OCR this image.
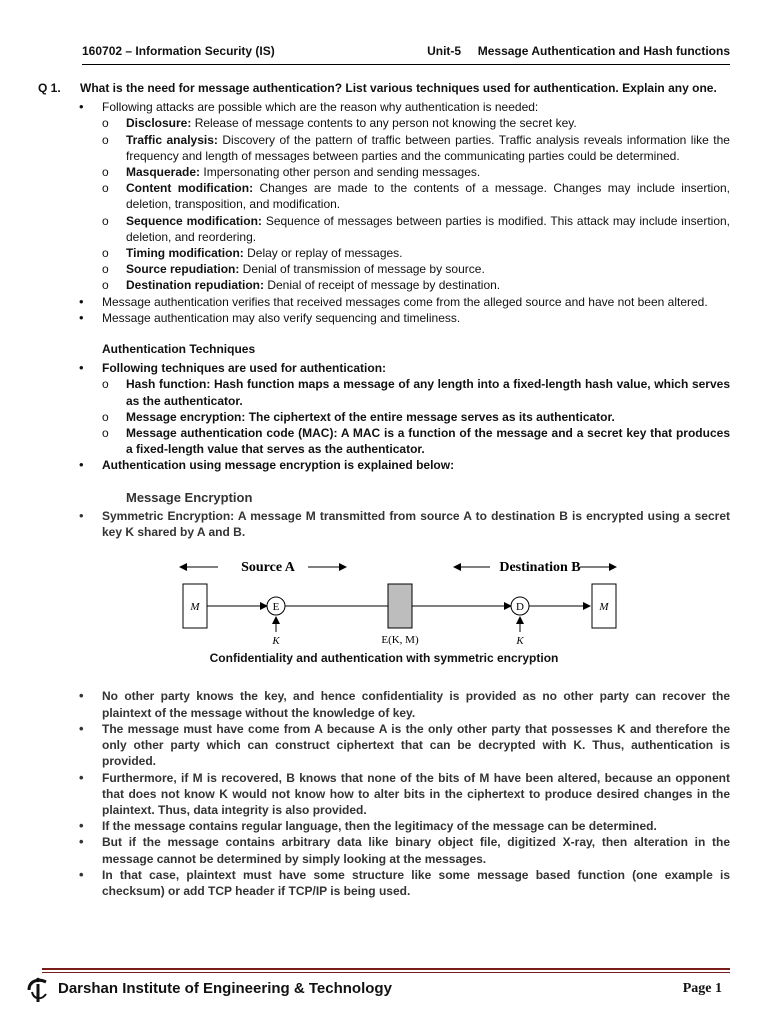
160702 – Information Security (IS)	Unit-5     Message Authentication and Hash functions
Q 1.	What is the need for message authentication? List various techniques used for authentication. Explain any one.
• Following attacks are possible which are the reason why authentication is needed:
o Disclosure: Release of message contents to any person not knowing the secret key.
o Traffic analysis: Discovery of the pattern of traffic between parties. Traffic analysis reveals information like the frequency and length of messages between parties and the communicating parties could be determined.
o Masquerade: Impersonating other person and sending messages.
o Content modification: Changes are made to the contents of a message. Changes may include insertion, deletion, transposition, and modification.
o Sequence modification: Sequence of messages between parties is modified. This attack may include insertion, deletion, and reordering.
o Timing modification: Delay or replay of messages.
o Source repudiation: Denial of transmission of message by source.
o Destination repudiation: Denial of receipt of message by destination.
• Message authentication verifies that received messages come from the alleged source and have not been altered.
• Message authentication may also verify sequencing and timeliness.
Authentication Techniques
• Following techniques are used for authentication:
o Hash function: Hash function maps a message of any length into a fixed-length hash value, which serves as the authenticator.
o Message encryption: The ciphertext of the entire message serves as its authenticator.
o Message authentication code (MAC): A MAC is a function of the message and a secret key that produces a fixed-length value that serves as the authenticator.
• Authentication using message encryption is explained below:
Message Encryption
• Symmetric Encryption: A message M transmitted from source A to destination B is encrypted using a secret key K shared by A and B.
Source A	Destination B
M	E
K	E(K, M)
D
K
M
Confidentiality and authentication with symmetric encryption
• No other party knows the key, and hence confidentiality is provided as no other party can recover the plaintext of the message without the knowledge of key.
• The message must have come from A because A is the only other party that possesses K and therefore the only other party which can construct ciphertext that can be decrypted with K. Thus, authentication is provided.
• Furthermore, if M is recovered, B knows that none of the bits of M have been altered, because an opponent that does not know K would not know how to alter bits in the ciphertext to produce desired changes in the plaintext. Thus, data integrity is also provided.
• If the message contains regular language, then the legitimacy of the message can be determined.
• But if the message contains arbitrary data like binary object file, digitized X-ray, then alteration in the message cannot be determined by simply looking at the messages.
• In that case, plaintext must have some structure like some message based function (one example is checksum) or add TCP header if TCP/IP is being used.
Darshan Institute of Engineering & Technology	Page 1
